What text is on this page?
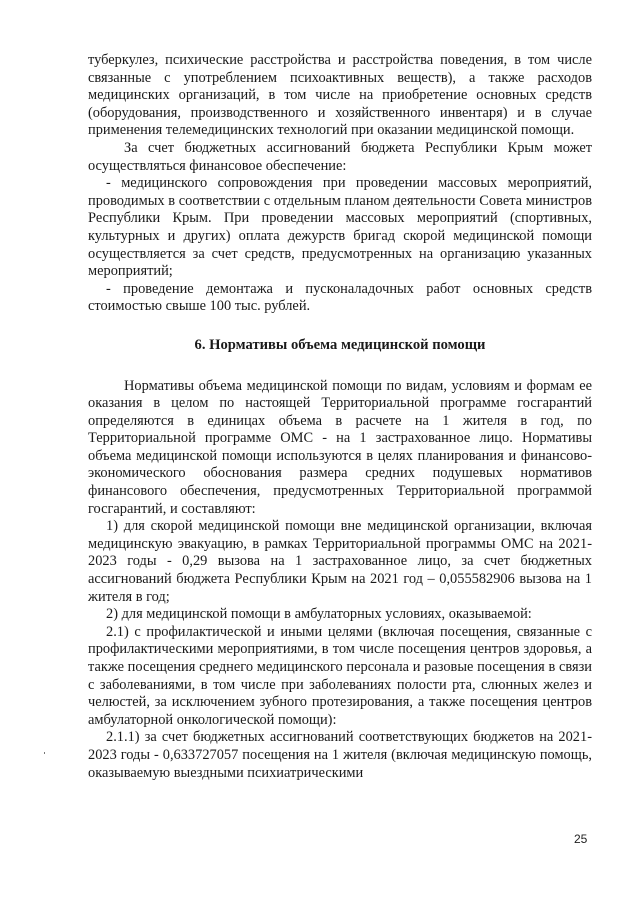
туберкулез, психические расстройства и расстройства поведения, в том числе связанные с употреблением психоактивных веществ), а также расходов медицинских организаций, в том числе на приобретение основных средств (оборудования, производственного и хозяйственного инвентаря) и в случае применения телемедицинских технологий при оказании медицинской помощи.

За счет бюджетных ассигнований бюджета Республики Крым может осуществляться финансовое обеспечение:

- медицинского сопровождения при проведении массовых мероприятий, проводимых в соответствии с отдельным планом деятельности Совета министров Республики Крым. При проведении массовых мероприятий (спортивных, культурных и других) оплата дежурств бригад скорой медицинской помощи осуществляется за счет средств, предусмотренных на организацию указанных мероприятий;

- проведение демонтажа и пусконаладочных работ основных средств стоимостью свыше 100 тыс. рублей.

6. Нормативы объема медицинской помощи

Нормативы объема медицинской помощи по видам, условиям и формам ее оказания в целом по настоящей Территориальной программе госгарантий определяются в единицах объема в расчете на 1 жителя в год, по Территориальной программе ОМС - на 1 застрахованное лицо. Нормативы объема медицинской помощи используются в целях планирования и финансово-экономического обоснования размера средних подушевых нормативов финансового обеспечения, предусмотренных Территориальной программой госгарантий, и составляют:

1) для скорой медицинской помощи вне медицинской организации, включая медицинскую эвакуацию, в рамках Территориальной программы ОМС на 2021-2023 годы - 0,29 вызова на 1 застрахованное лицо, за счет бюджетных ассигнований бюджета Республики Крым на 2021 год – 0,055582906 вызова на 1 жителя в год;

2) для медицинской помощи в амбулаторных условиях, оказываемой:

2.1) с профилактической и иными целями (включая посещения, связанные с профилактическими мероприятиями, в том числе посещения центров здоровья, а также посещения среднего медицинского персонала и разовые посещения в связи с заболеваниями, в том числе при заболеваниях полости рта, слюнных желез и челюстей, за исключением зубного протезирования, а также посещения центров амбулаторной онкологической помощи):

2.1.1) за счет бюджетных ассигнований соответствующих бюджетов на 2021-2023 годы - 0,633727057 посещения на 1 жителя (включая медицинскую помощь, оказываемую выездными психиатрическими

25
